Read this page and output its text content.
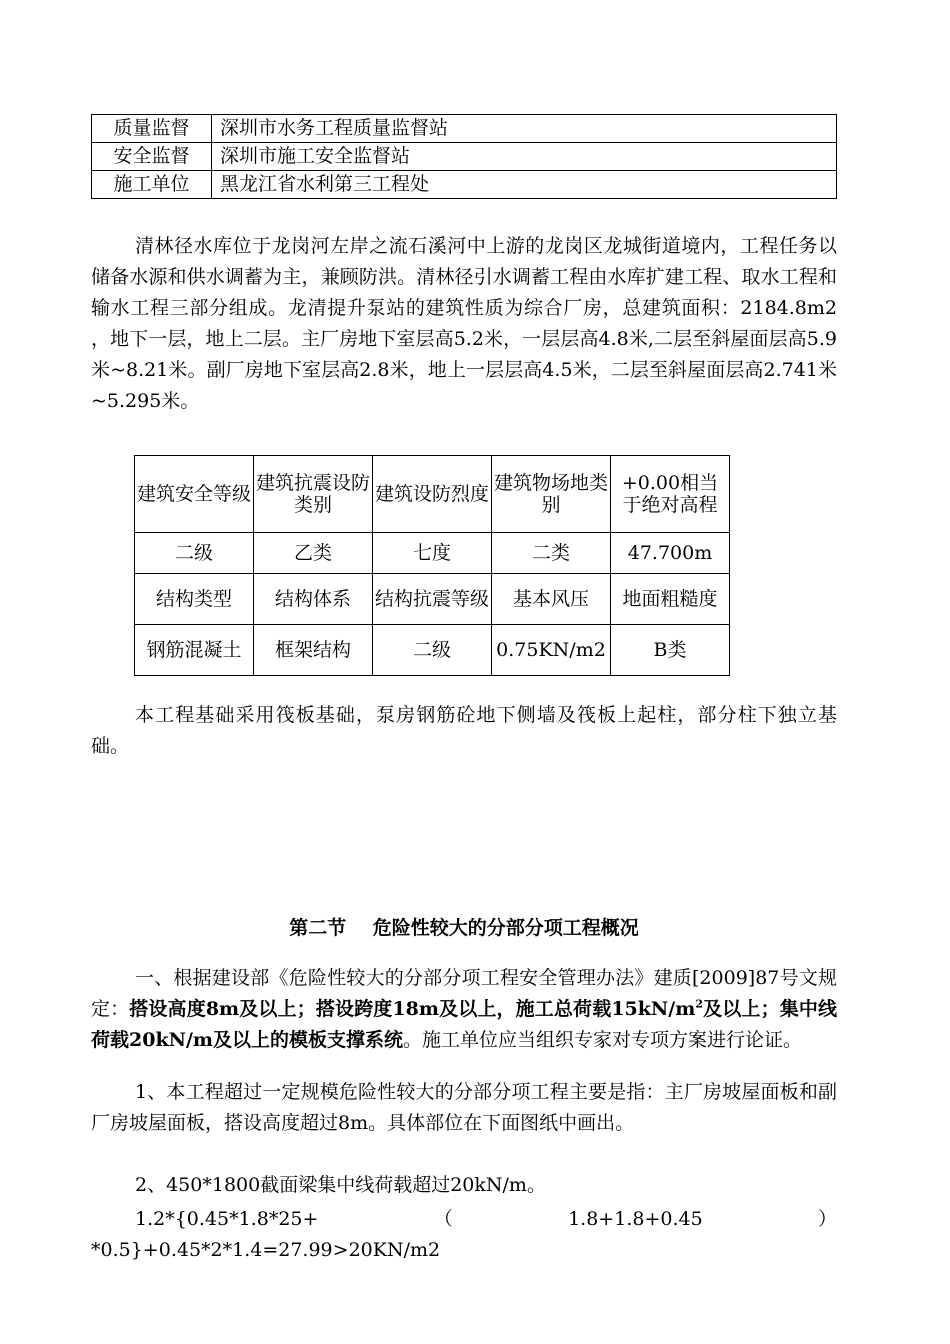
质量监督	深圳市水务工程质量监督站
安全监督	深圳市施工安全监督站
施工单位	黑龙江省水利第三工程处

清林径水库位于龙岗河左岸之流石溪河中上游的龙岗区龙城街道境内，工程任务以储备水源和供水调蓄为主，兼顾防洪。清林径引水调蓄工程由水库扩建工程、取水工程和输水工程三部分组成。龙清提升泵站的建筑性质为综合厂房，总建筑面积：2184.8m2 ，地下一层，地上二层。主厂房地下室层高5.2米，一层层高4.8米,二层至斜屋面层高5.9米~8.21米。副厂房地下室层高2.8米，地上一层层高4.5米，二层至斜屋面层高2.741米~5.295米。

建筑安全等级	建筑抗震设防类别	建筑设防烈度	建筑物场地类别	+0.00相当于绝对高程
二级	乙类	七度	二类	47.700m
结构类型	结构体系	结构抗震等级	基本风压	地面粗糙度
钢筋混凝土	框架结构	二级	0.75KN/m2	B类

本工程基础采用筏板基础，泵房钢筋砼地下侧墙及筏板上起柱，部分柱下独立基础。

第二节    危险性较大的分部分项工程概况

一、根据建设部《危险性较大的分部分项工程安全管理办法》建质[2009]87号文规定：搭设高度8m及以上；搭设跨度18m及以上，施工总荷载$15kN/m^2$及以上；集中线荷载20kN/m及以上的模板支撑系统。施工单位应当组织专家对专项方案进行论证。

1、本工程超过一定规模危险性较大的分部分项工程主要是指：主厂房坡屋面板和副厂房坡屋面板，搭设高度超过8m。具体部位在下面图纸中画出。

2、450*1800截面梁集中线荷载超过20kN/m。

1.2*{0.45*1.8*25+（1.8+1.8+0.45）*0.5}+0.45*2*1.4=27.99>20KN/m2
